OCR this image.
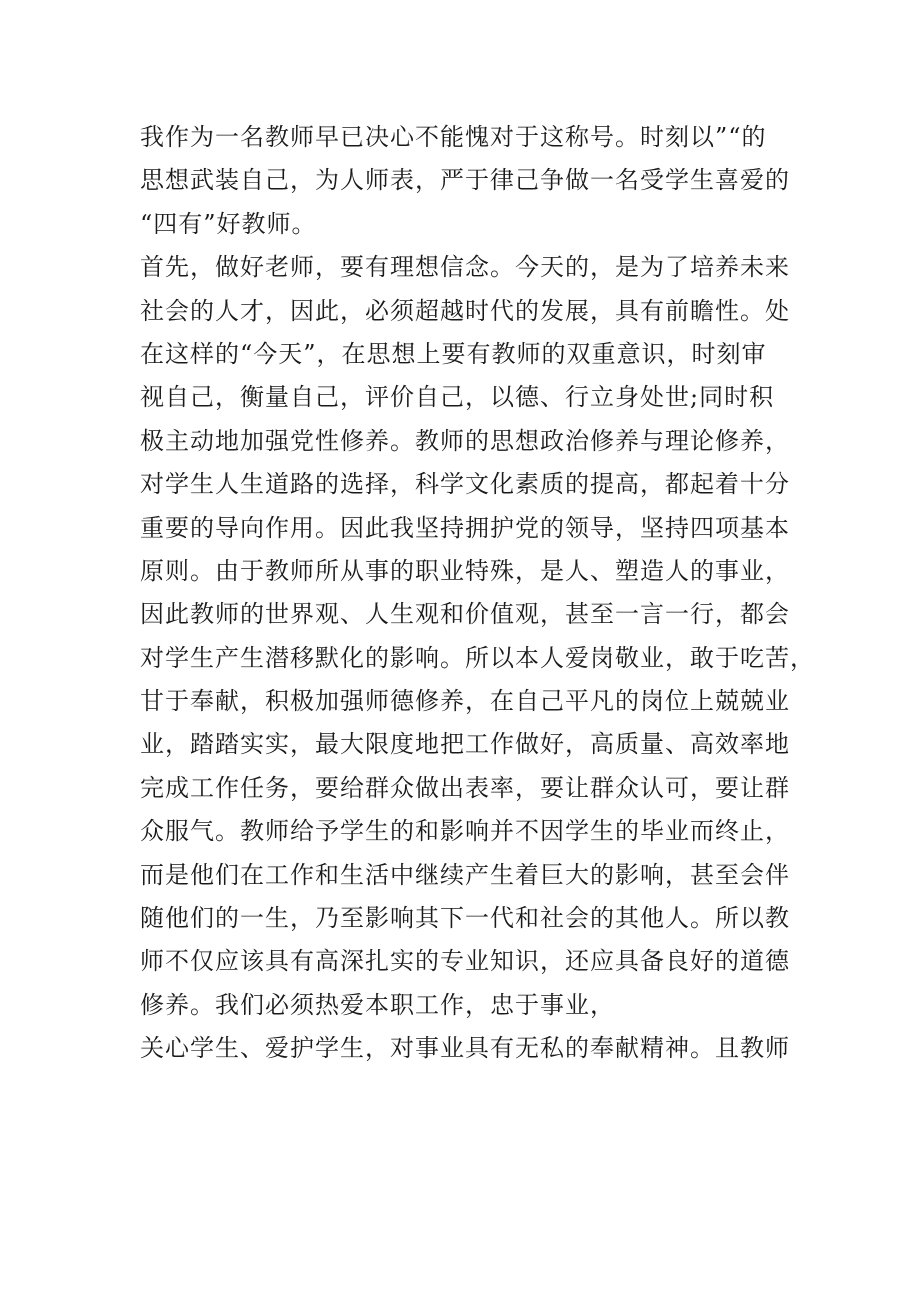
我作为一名教师早已决心不能愧对于这称号。时刻以”“的
思想武装自己，为人师表，严于律己争做一名受学生喜爱的
“四有”好教师。
首先，做好老师，要有理想信念。今天的，是为了培养未来
社会的人才，因此，必须超越时代的发展，具有前瞻性。处
在这样的“今天”，在思想上要有教师的双重意识，时刻审
视自己，衡量自己，评价自己，以德、行立身处世;同时积
极主动地加强党性修养。教师的思想政治修养与理论修养，
对学生人生道路的选择，科学文化素质的提高，都起着十分
重要的导向作用。因此我坚持拥护党的领导，坚持四项基本
原则。由于教师所从事的职业特殊，是人、塑造人的事业，
因此教师的世界观、人生观和价值观，甚至一言一行，都会
对学生产生潜移默化的影响。所以本人爱岗敬业，敢于吃苦，
甘于奉献，积极加强师德修养，在自己平凡的岗位上兢兢业
业，踏踏实实，最大限度地把工作做好，高质量、高效率地
完成工作任务，要给群众做出表率，要让群众认可，要让群
众服气。教师给予学生的和影响并不因学生的毕业而终止，
而是他们在工作和生活中继续产生着巨大的影响，甚至会伴
随他们的一生，乃至影响其下一代和社会的其他人。所以教
师不仅应该具有高深扎实的专业知识，还应具备良好的道德
修养。我们必须热爱本职工作，忠于事业，
关心学生、爱护学生，对事业具有无私的奉献精神。且教师
